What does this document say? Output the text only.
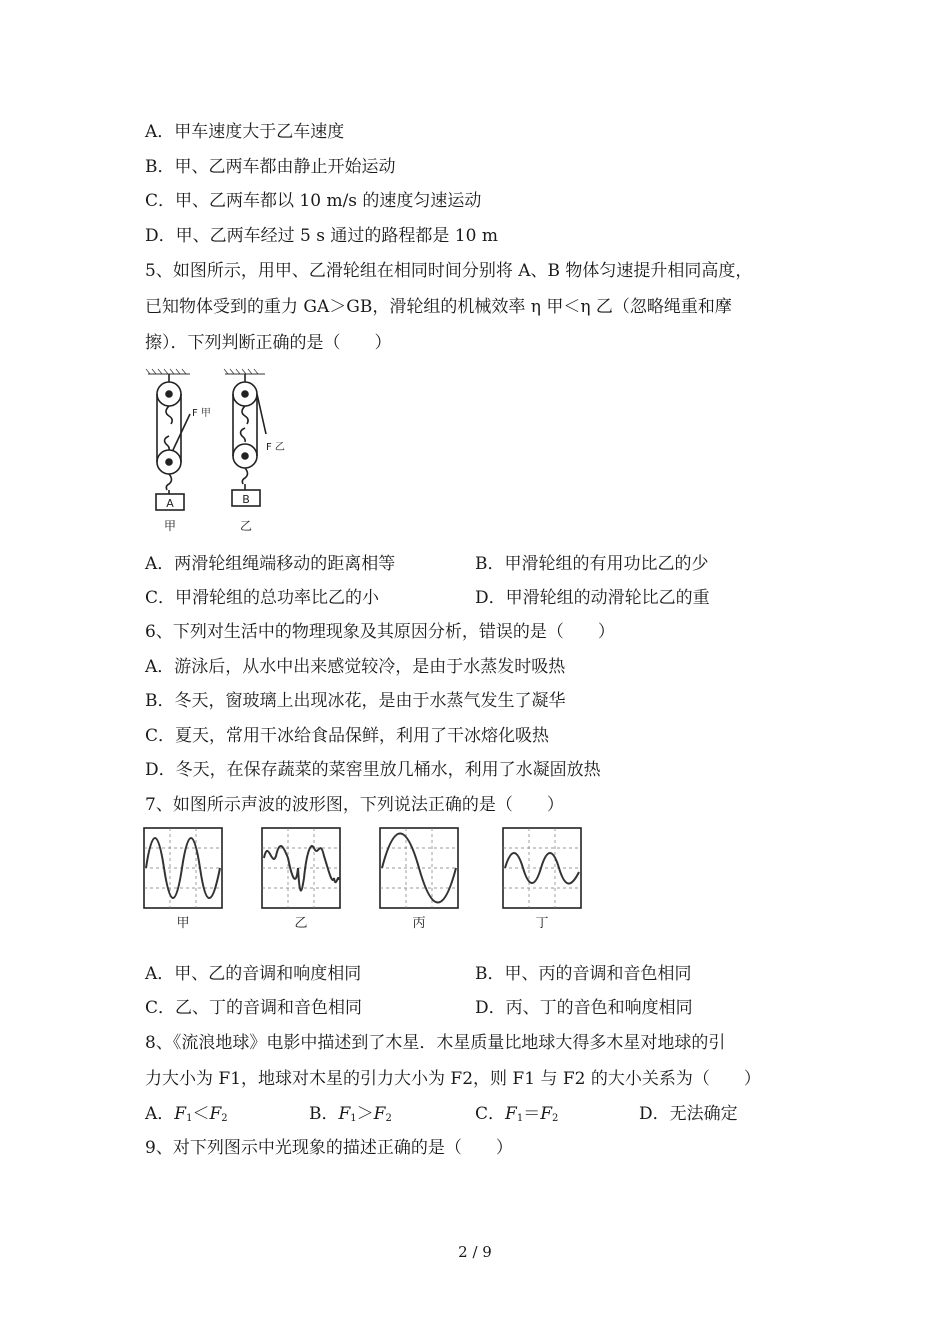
A．甲车速度大于乙车速度
B．甲、乙两车都由静止开始运动
C．甲、乙两车都以 10 m/s 的速度匀速运动
D．甲、乙两车经过 5 s 通过的路程都是 10 m
5、如图所示，用甲、乙滑轮组在相同时间分别将 A、B 物体匀速提升相同高度，
已知物体受到的重力 GA＞GB，滑轮组的机械效率 η 甲＜η 乙（忽略绳重和摩
擦）．下列判断正确的是（　　）
A	B
F 甲
F 乙
甲	乙
A．两滑轮组绳端移动的距离相等	B．甲滑轮组的有用功比乙的少
C．甲滑轮组的总功率比乙的小	D．甲滑轮组的动滑轮比乙的重
6、下列对生活中的物理现象及其原因分析，错误的是（　　）
A．游泳后，从水中出来感觉较冷，是由于水蒸发时吸热
B．冬天，窗玻璃上出现冰花，是由于水蒸气发生了凝华
C．夏天，常用干冰给食品保鲜，利用了干冰熔化吸热
D．冬天，在保存蔬菜的菜窖里放几桶水，利用了水凝固放热
7、如图所示声波的波形图，下列说法正确的是（　　）
甲	乙	丙	丁
A．甲、乙的音调和响度相同	B．甲、丙的音调和音色相同
C．乙、丁的音调和音色相同	D．丙、丁的音色和响度相同
8、《流浪地球》电影中描述到了木星．木星质量比地球大得多木星对地球的引
力大小为 F1，地球对木星的引力大小为 F2，则 F1 与 F2 的大小关系为（　　）
A．$F_1<F_2$	B．$F_1>F_2$	C．$F_1=F_2$	D．无法确定
9、对下列图示中光现象的描述正确的是（　　）
2 / 9
